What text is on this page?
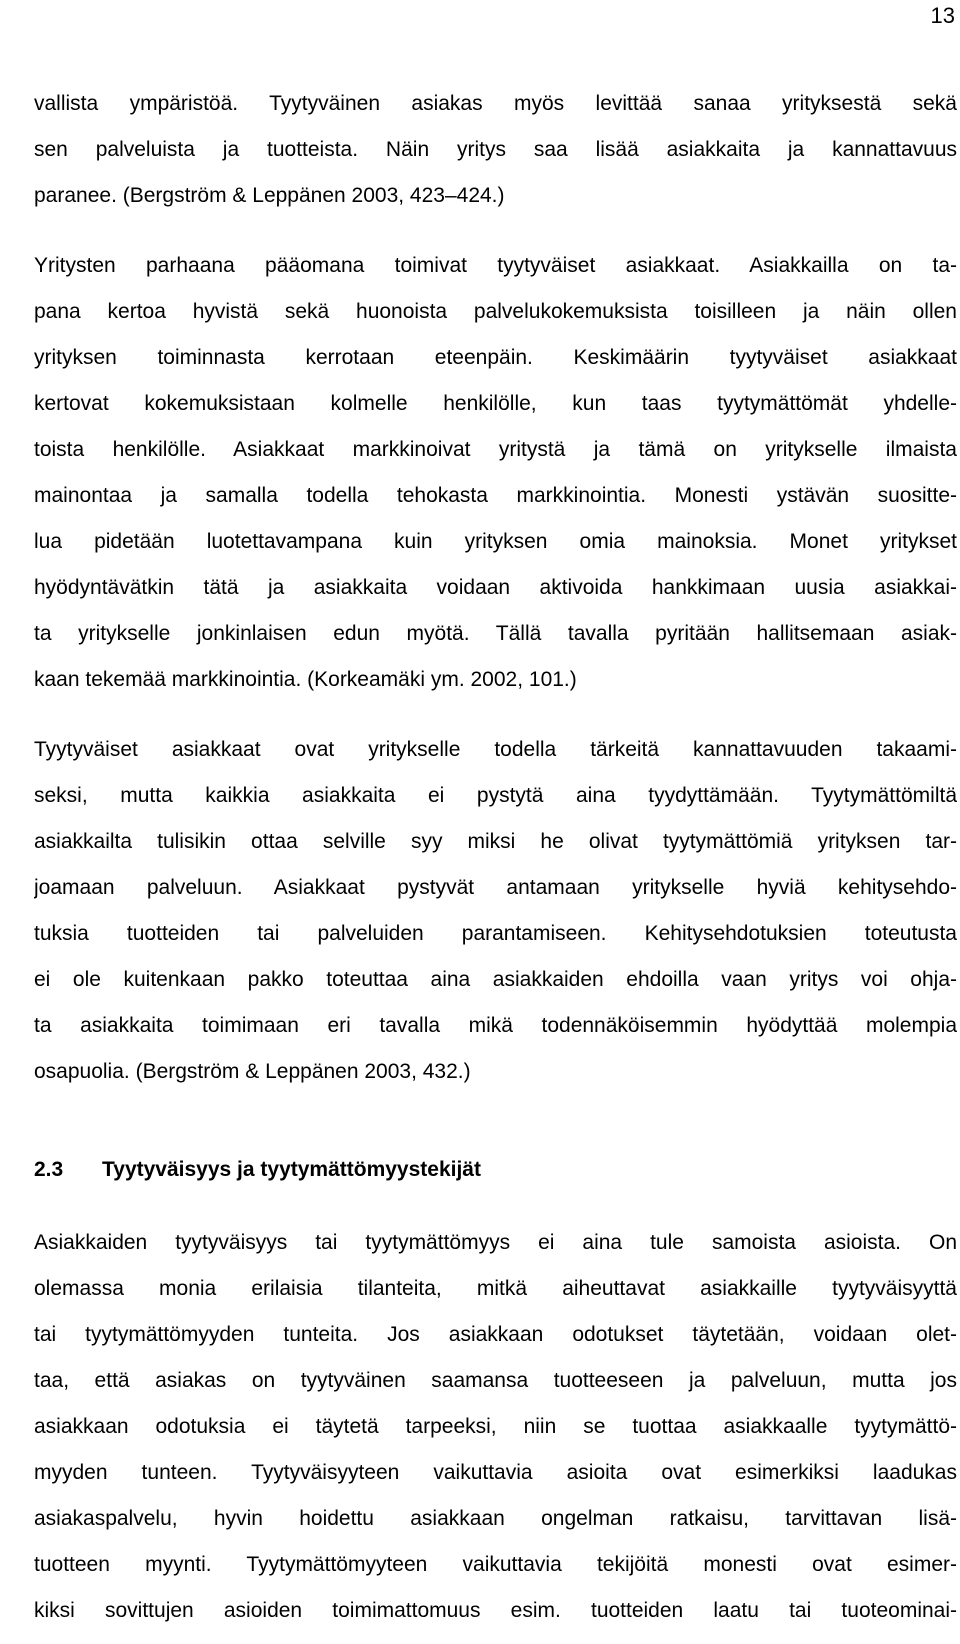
13
vallista ympäristöä. Tyytyväinen asiakas myös levittää sanaa yrityksestä sekä
sen palveluista ja tuotteista. Näin yritys saa lisää asiakkaita ja kannattavuus
paranee. (Bergström & Leppänen 2003, 423–424.)
Yritysten parhaana pääomana toimivat tyytyväiset asiakkaat. Asiakkailla on ta-
pana kertoa hyvistä sekä huonoista palvelukokemuksista toisilleen ja näin ollen
yrityksen toiminnasta kerrotaan eteenpäin. Keskimäärin tyytyväiset asiakkaat
kertovat kokemuksistaan kolmelle henkilölle, kun taas tyytymättömät yhdelle-
toista henkilölle. Asiakkaat markkinoivat yritystä ja tämä on yritykselle ilmaista
mainontaa ja samalla todella tehokasta markkinointia. Monesti ystävän suositte-
lua pidetään luotettavampana kuin yrityksen omia mainoksia. Monet yritykset
hyödyntävätkin tätä ja asiakkaita voidaan aktivoida hankkimaan uusia asiakkai-
ta yritykselle jonkinlaisen edun myötä. Tällä tavalla pyritään hallitsemaan asiak-
kaan tekemää markkinointia. (Korkeamäki ym. 2002, 101.)
Tyytyväiset asiakkaat ovat yritykselle todella tärkeitä kannattavuuden takaami-
seksi, mutta kaikkia asiakkaita ei pystytä aina tyydyttämään. Tyytymättömiltä
asiakkailta tulisikin ottaa selville syy miksi he olivat tyytymättömiä yrityksen tar-
joamaan palveluun. Asiakkaat pystyvät antamaan yritykselle hyviä kehitysehdo-
tuksia tuotteiden tai palveluiden parantamiseen. Kehitysehdotuksien toteutusta
ei ole kuitenkaan pakko toteuttaa aina asiakkaiden ehdoilla vaan yritys voi ohja-
ta asiakkaita toimimaan eri tavalla mikä todennäköisemmin hyödyttää molempia
osapuolia. (Bergström & Leppänen 2003, 432.)
2.3	Tyytyväisyys ja tyytymättömyystekijät
Asiakkaiden tyytyväisyys tai tyytymättömyys ei aina tule samoista asioista. On
olemassa monia erilaisia tilanteita, mitkä aiheuttavat asiakkaille tyytyväisyyttä
tai tyytymättömyyden tunteita. Jos asiakkaan odotukset täytetään, voidaan olet-
taa, että asiakas on tyytyväinen saamansa tuotteeseen ja palveluun, mutta jos
asiakkaan odotuksia ei täytetä tarpeeksi, niin se tuottaa asiakkaalle tyytymättö-
myyden tunteen. Tyytyväisyyteen vaikuttavia asioita ovat esimerkiksi laadukas
asiakaspalvelu, hyvin hoidettu asiakkaan ongelman ratkaisu, tarvittavan lisä-
tuotteen myynti. Tyytymättömyyteen vaikuttavia tekijöitä monesti ovat esimer-
kiksi sovittujen asioiden toimimattomuus esim. tuotteiden laatu tai tuoteominai-
